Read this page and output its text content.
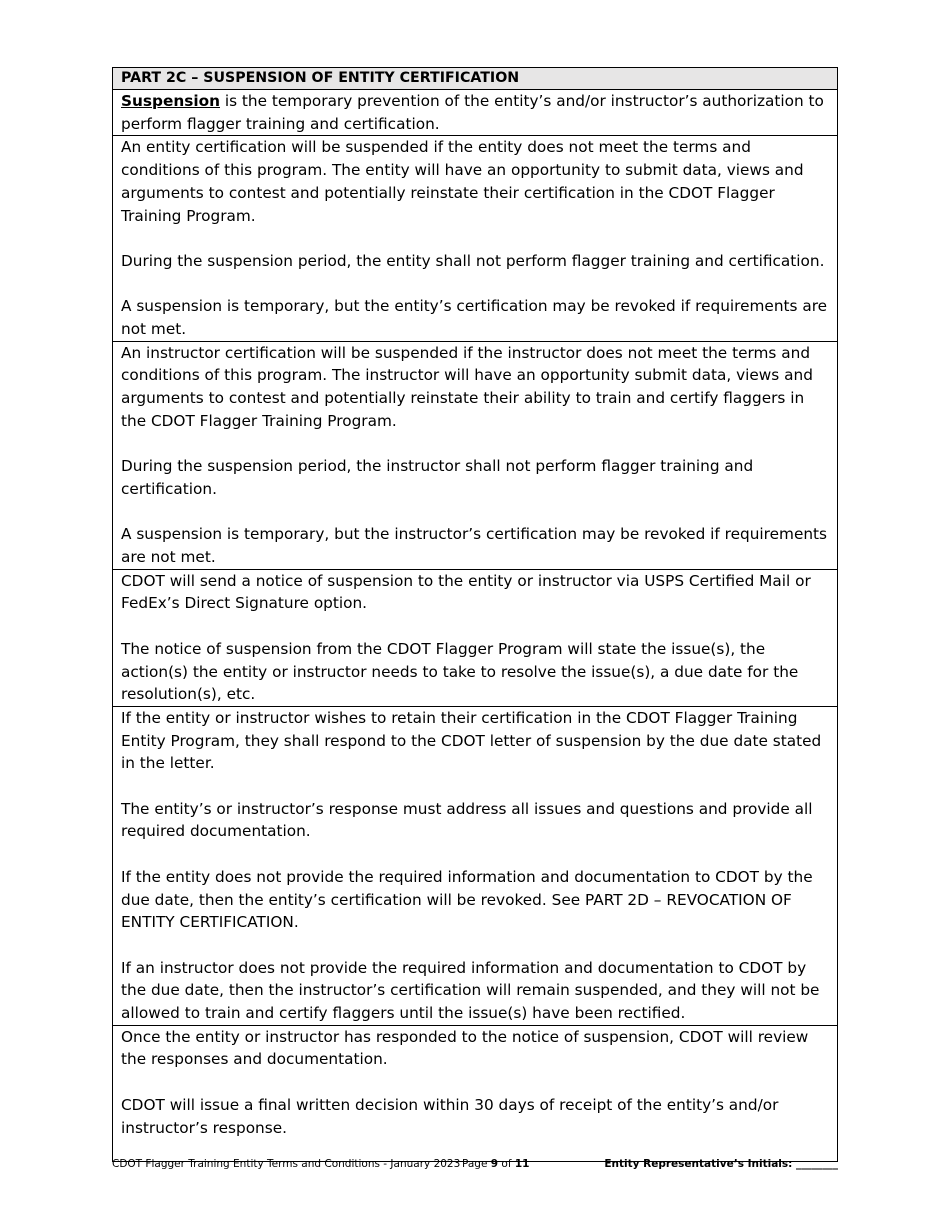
PART 2C – SUSPENSION OF ENTITY CERTIFICATION
Suspension is the temporary prevention of the entity’s and/or instructor’s authorization to perform flagger training and certification.

An entity certification will be suspended if the entity does not meet the terms and conditions of this program. The entity will have an opportunity to submit data, views and arguments to contest and potentially reinstate their certification in the CDOT Flagger Training Program.

During the suspension period, the entity shall not perform flagger training and certification.

A suspension is temporary, but the entity’s certification may be revoked if requirements are not met.

An instructor certification will be suspended if the instructor does not meet the terms and conditions of this program. The instructor will have an opportunity submit data, views and arguments to contest and potentially reinstate their ability to train and certify flaggers in the CDOT Flagger Training Program.

During the suspension period, the instructor shall not perform flagger training and certification.

A suspension is temporary, but the instructor’s certification may be revoked if requirements are not met.

CDOT will send a notice of suspension to the entity or instructor via USPS Certified Mail or FedEx’s Direct Signature option.

The notice of suspension from the CDOT Flagger Program will state the issue(s), the action(s) the entity or instructor needs to take to resolve the issue(s), a due date for the resolution(s), etc.

If the entity or instructor wishes to retain their certification in the CDOT Flagger Training Entity Program, they shall respond to the CDOT letter of suspension by the due date stated in the letter.

The entity’s or instructor’s response must address all issues and questions and provide all required documentation.

If the entity does not provide the required information and documentation to CDOT by the due date, then the entity’s certification will be revoked. See PART 2D – REVOCATION OF ENTITY CERTIFICATION.

If an instructor does not provide the required information and documentation to CDOT by the due date, then the instructor’s certification will remain suspended, and they will not be allowed to train and certify flaggers until the issue(s) have been rectified.

Once the entity or instructor has responded to the notice of suspension, CDOT will review the responses and documentation.

CDOT will issue a final written decision within 30 days of receipt of the entity’s and/or instructor’s response.

CDOT Flagger Training Entity Terms and Conditions - January 2023 Page 9 of 11	Entity Representative’s Initials: ________
